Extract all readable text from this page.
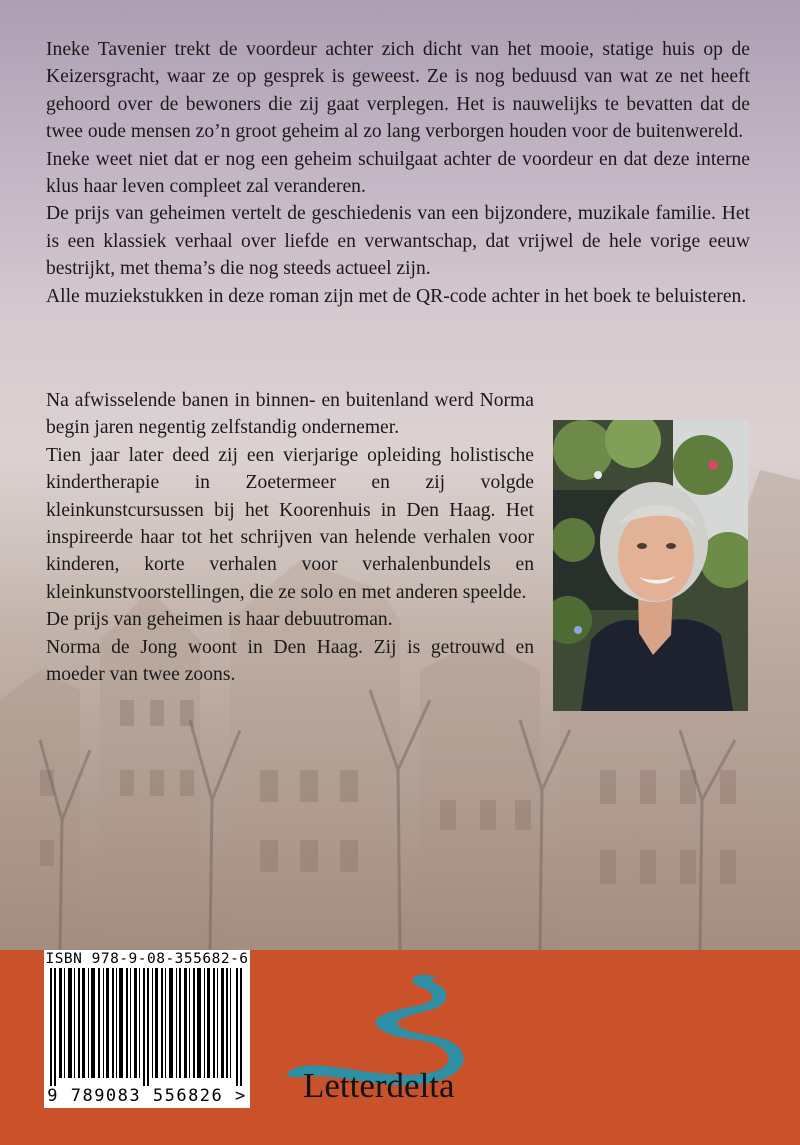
Ineke Tavenier trekt de voordeur achter zich dicht van het mooie, statige huis op de Keizersgracht, waar ze op gesprek is geweest. Ze is nog beduusd van wat ze net heeft gehoord over de bewoners die zij gaat verplegen. Het is nauwelijks te bevatten dat de twee oude mensen zo’n groot geheim al zo lang verborgen houden voor de buitenwereld.

Ineke weet niet dat er nog een geheim schuilgaat achter de voordeur en dat deze interne klus haar leven compleet zal veranderen.

De prijs van geheimen vertelt de geschiedenis van een bijzondere, muzikale familie. Het is een klassiek verhaal over liefde en verwantschap, dat vrijwel de hele vorige eeuw bestrijkt, met thema’s die nog steeds actueel zijn.

Alle muziekstukken in deze roman zijn met de QR-code achter in het boek te beluisteren.

Na afwisselende banen in binnen- en buitenland werd Norma begin jaren negentig zelfstandig ondernemer.

Tien jaar later deed zij een vierjarige opleiding holistische kindertherapie in Zoetermeer en zij volgde kleinkunstcursussen bij het Koorenhuis in Den Haag. Het inspireerde haar tot het schrijven van helende verhalen voor kinderen, korte verhalen voor verhalenbundels en kleinkunstvoorstellingen, die ze solo en met anderen speelde.

De prijs van geheimen is haar debuutroman.

Norma de Jong woont in Den Haag. Zij is getrouwd en moeder van twee zoons.

ISBN 978-9-08-355682-6
9 789083 556826 > Letterdelta
